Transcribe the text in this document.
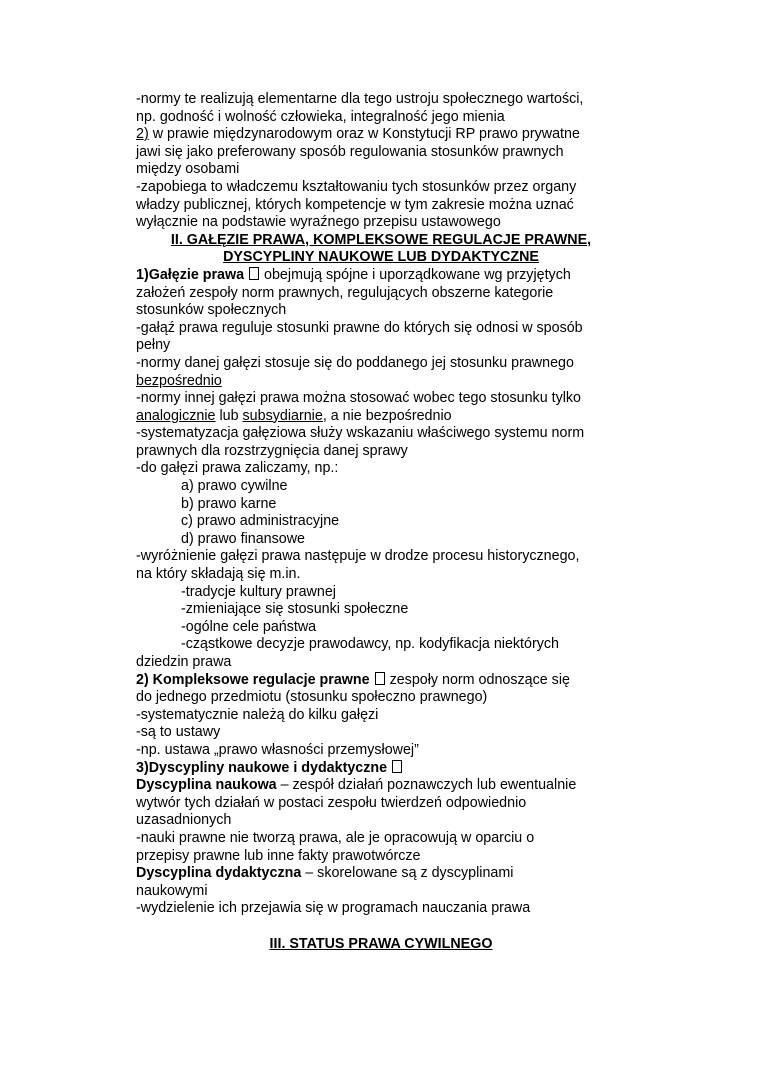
-normy te realizują elementarne dla tego ustroju społecznego wartości,
np. godność i wolność człowieka, integralność jego mienia
2) w prawie międzynarodowym oraz w Konstytucji RP prawo prywatne
jawi się jako preferowany sposób regulowania stosunków prawnych
między osobami
-zapobiega to władczemu kształtowaniu tych stosunków przez organy
władzy publicznej, których kompetencje w tym zakresie można uznać
wyłącznie na podstawie wyraźnego przepisu ustawowego
II. GAŁĘZIE PRAWA, KOMPLEKSOWE REGULACJE PRAWNE,
DYSCYPLINY NAUKOWE LUB DYDAKTYCZNE
1)Gałęzie prawa  obejmują spójne i uporządkowane wg przyjętych
założeń zespoły norm prawnych, regulujących obszerne kategorie
stosunków społecznych
-gałąź prawa reguluje stosunki prawne do których się odnosi w sposób
pełny
-normy danej gałęzi stosuje się do poddanego jej stosunku prawnego
bezpośrednio
-normy innej gałęzi prawa można stosować wobec tego stosunku tylko
analogicznie lub subsydiarnie, a nie bezpośrednio
-systematyzacja gałęziowa służy wskazaniu właściwego systemu norm
prawnych dla rozstrzygnięcia danej sprawy
-do gałęzi prawa zaliczamy, np.:
a) prawo cywilne
b) prawo karne
c) prawo administracyjne
d) prawo finansowe
-wyróżnienie gałęzi prawa następuje w drodze procesu historycznego,
na który składają się m.in.
-tradycje kultury prawnej
-zmieniające się stosunki społeczne
-ogólne cele państwa
-cząstkowe decyzje prawodawcy, np. kodyfikacja niektórych
dziedzin prawa
2) Kompleksowe regulacje prawne  zespoły norm odnoszące się
do jednego przedmiotu (stosunku społeczno prawnego)
-systematycznie należą do kilku gałęzi
-są to ustawy
-np. ustawa „prawo własności przemysłowej”
3)Dyscypliny naukowe i dydaktyczne
Dyscyplina naukowa – zespół działań poznawczych lub ewentualnie
wytwór tych działań w postaci zespołu twierdzeń odpowiednio
uzasadnionych
-nauki prawne nie tworzą prawa, ale je opracowują w oparciu o
przepisy prawne lub inne fakty prawotwórcze
Dyscyplina dydaktyczna – skorelowane są z dyscyplinami
naukowymi
-wydzielenie ich przejawia się w programach nauczania prawa
III. STATUS PRAWA CYWILNEGO
